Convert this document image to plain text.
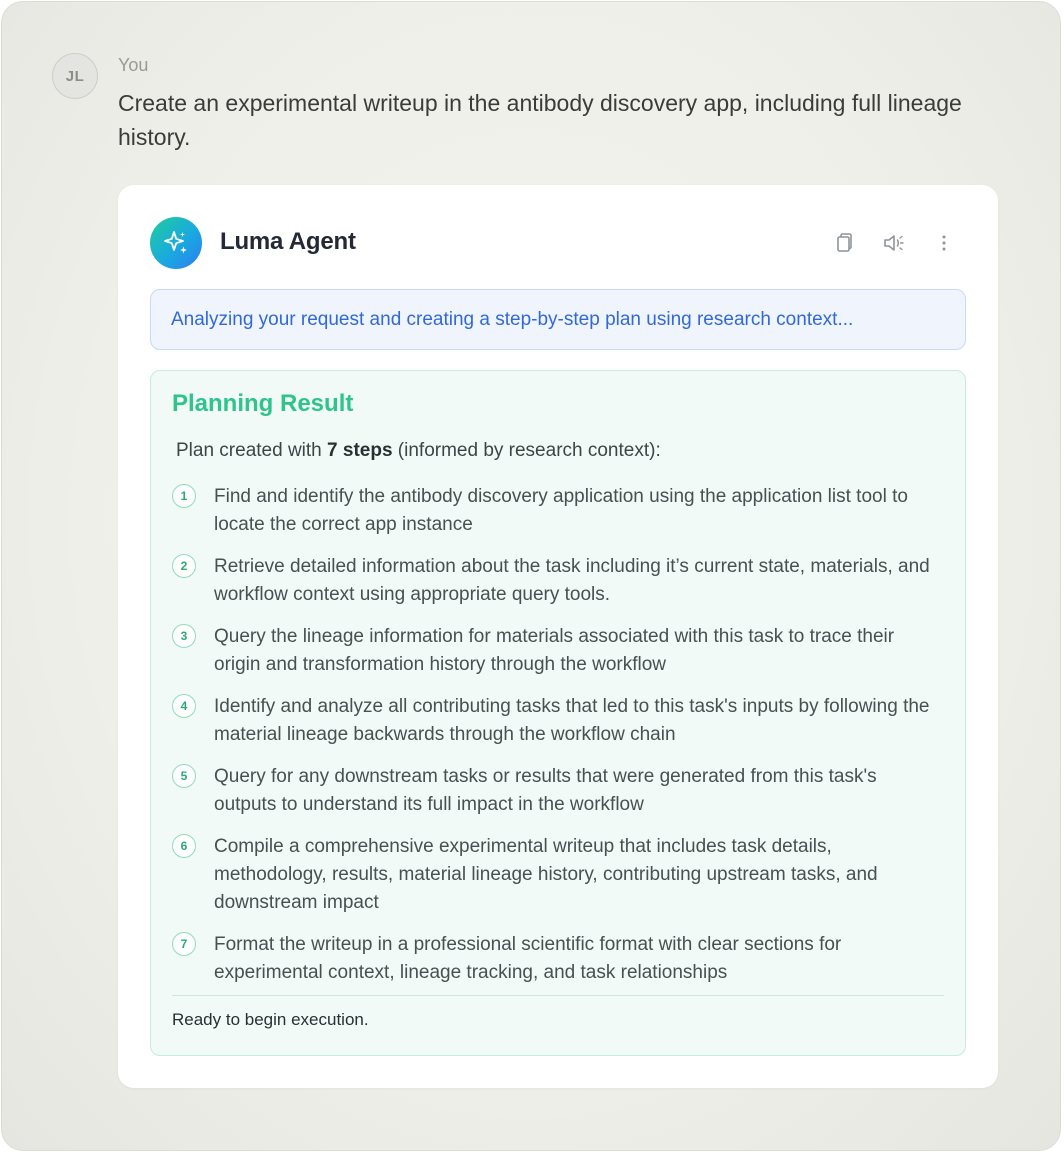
JL
You
Create an experimental writeup in the antibody discovery app, including full lineage history.
Luma Agent
Analyzing your request and creating a step-by-step plan using research context...
Planning Result
Plan created with 7 steps (informed by research context):
1	Find and identify the antibody discovery application using the application list tool to locate the correct app instance
2	Retrieve detailed information about the task including it’s current state, materials, and workflow context using appropriate query tools.
3	Query the lineage information for materials associated with this task to trace their origin and transformation history through the workflow
4	Identify and analyze all contributing tasks that led to this task's inputs by following the material lineage backwards through the workflow chain
5	Query for any downstream tasks or results that were generated from this task's outputs to understand its full impact in the workflow
6	Compile a comprehensive experimental writeup that includes task details, methodology, results, material lineage history, contributing upstream tasks, and downstream impact
7	Format the writeup in a professional scientific format with clear sections for experimental context, lineage tracking, and task relationships
Ready to begin execution.
